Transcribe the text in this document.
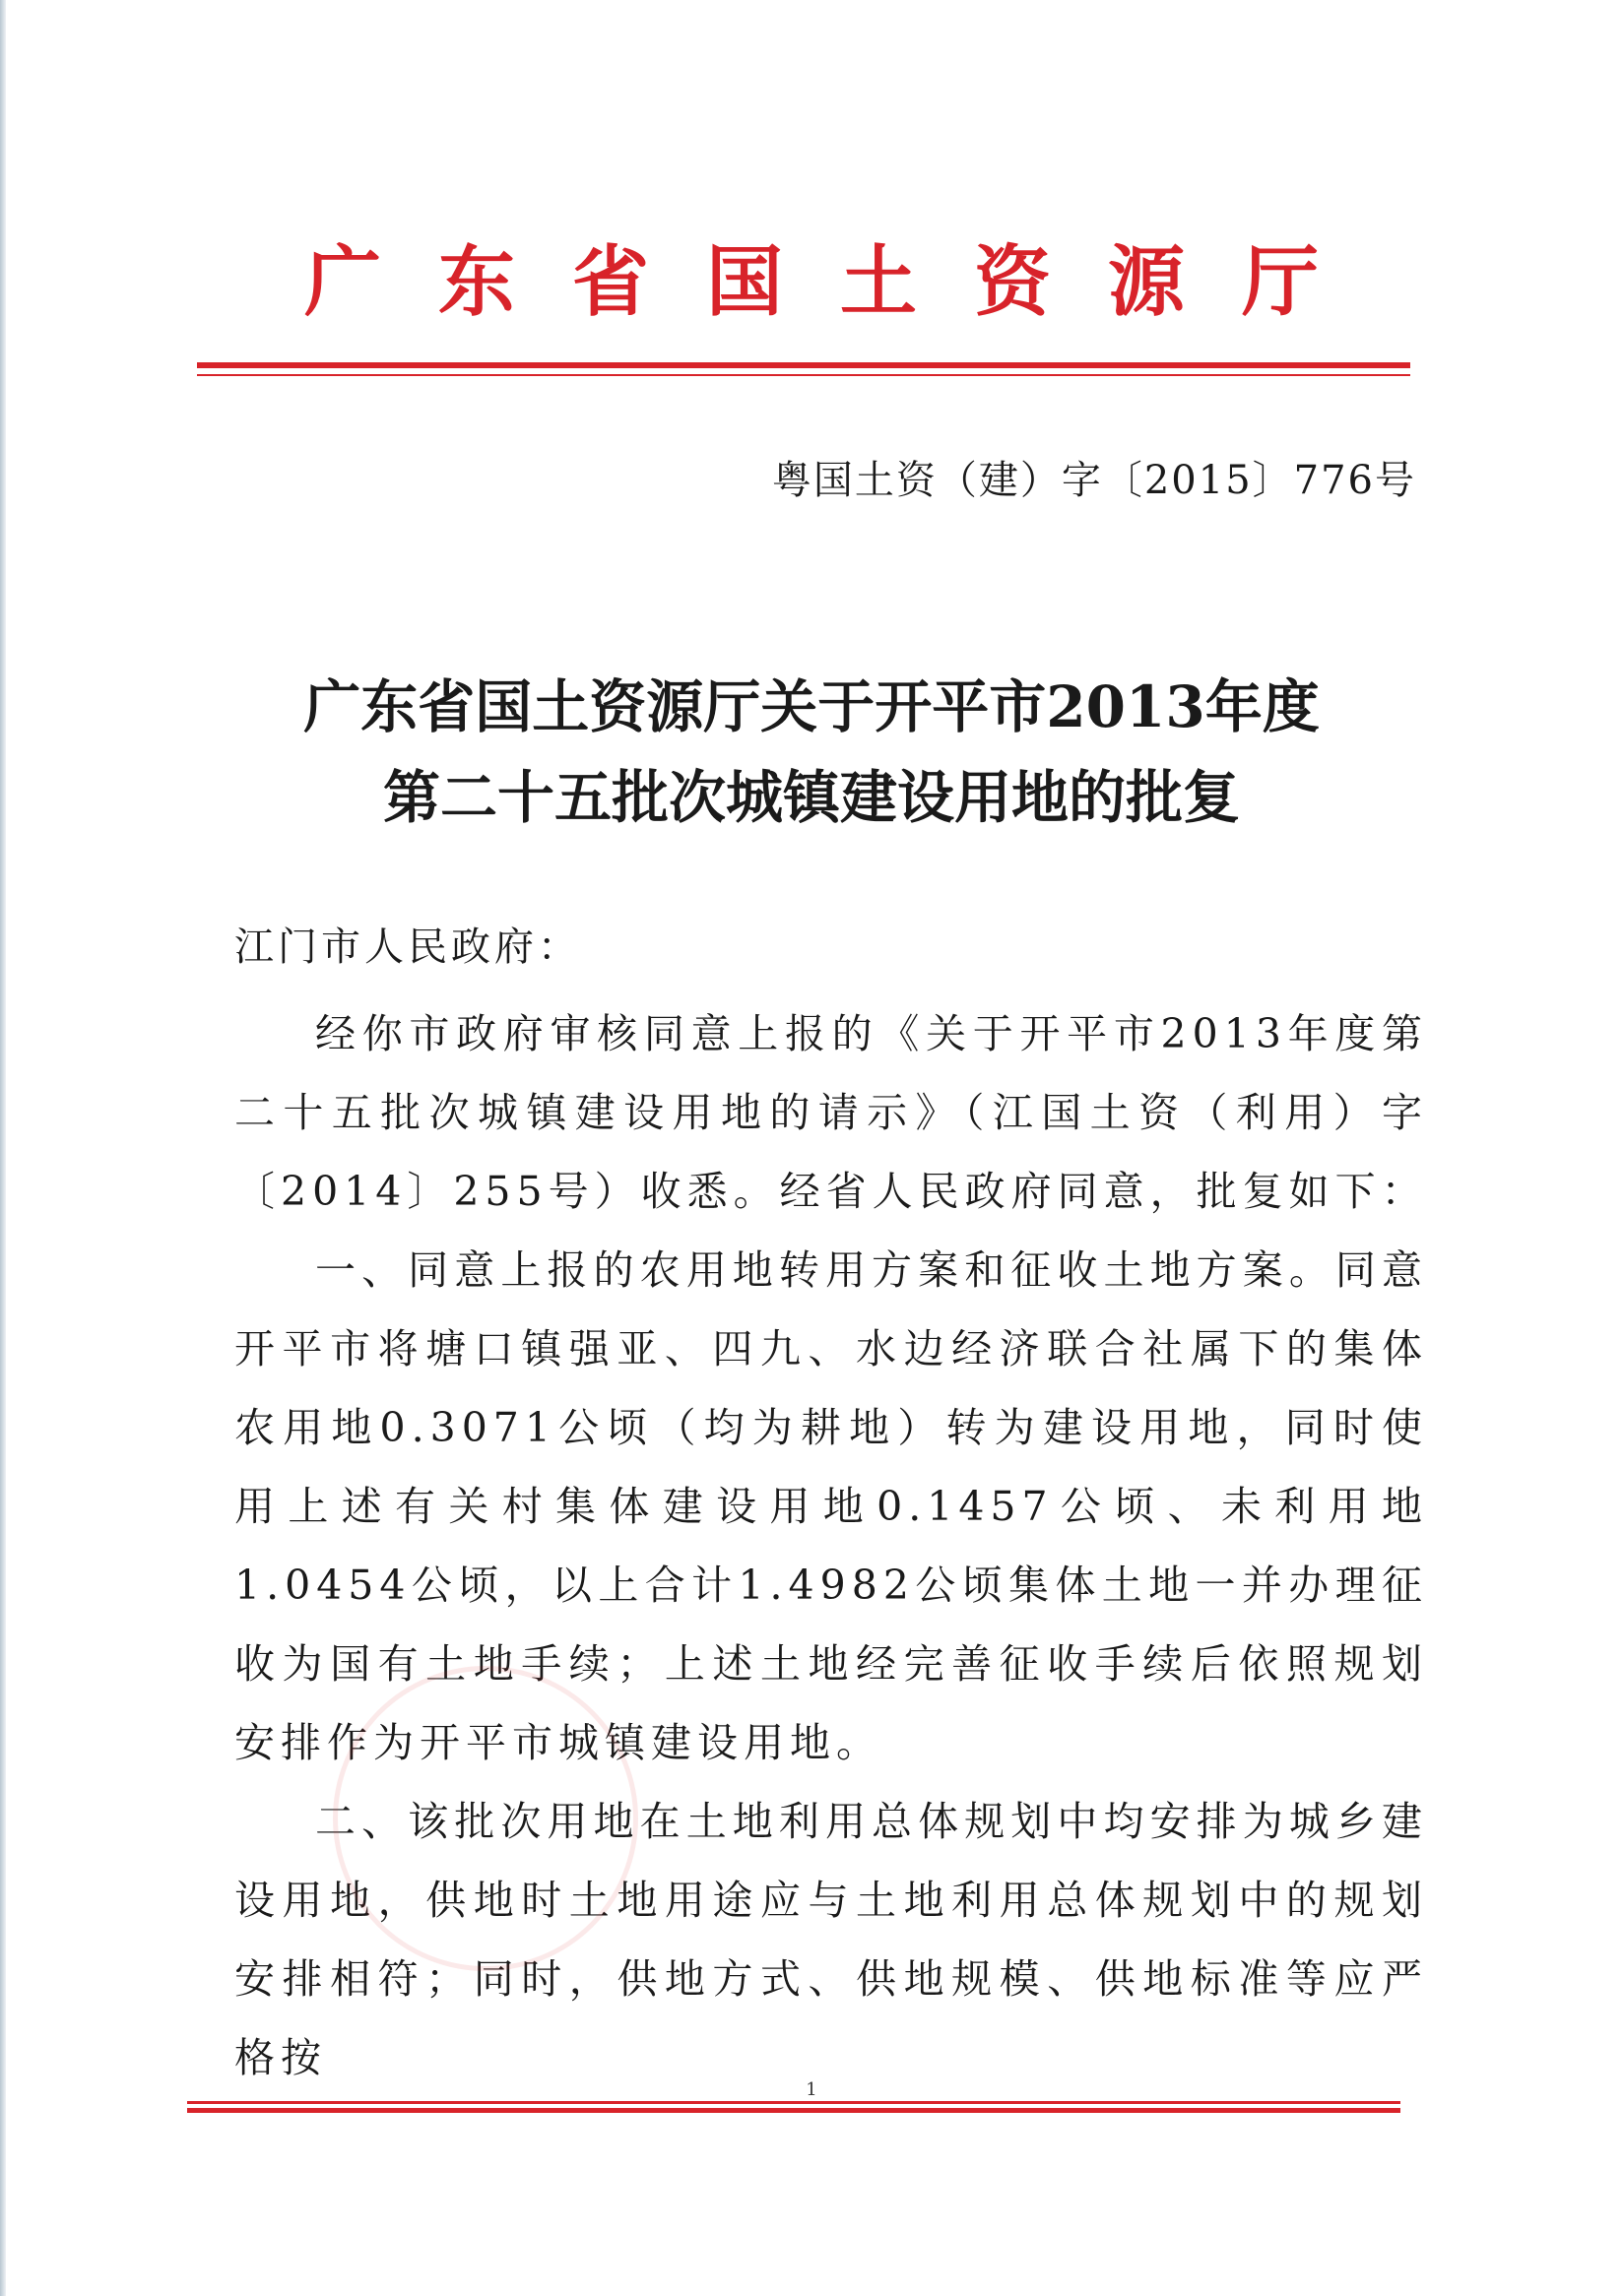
广东省国土资源厅
粤国土资（建）字〔2015〕776号
广东省国土资源厅关于开平市2013年度
第二十五批次城镇建设用地的批复
江门市人民政府：

经你市政府审核同意上报的《关于开平市2013年度第二十五批次城镇建设用地的请示》（江国土资（利用）字〔2014〕255号）收悉。经省人民政府同意，批复如下：

一、同意上报的农用地转用方案和征收土地方案。同意开平市将塘口镇强亚、四九、水边经济联合社属下的集体农用地0.3071公顷（均为耕地）转为建设用地，同时使用上述有关村集体建设用地0.1457公顷、未利用地1.0454公顷，以上合计1.4982公顷集体土地一并办理征收为国有土地手续；上述土地经完善征收手续后依照规划安排作为开平市城镇建设用地。

二、该批次用地在土地利用总体规划中均安排为城乡建设用地，供地时土地用途应与土地利用总体规划中的规划安排相符；同时，供地方式、供地规模、供地标准等应严格按

1
